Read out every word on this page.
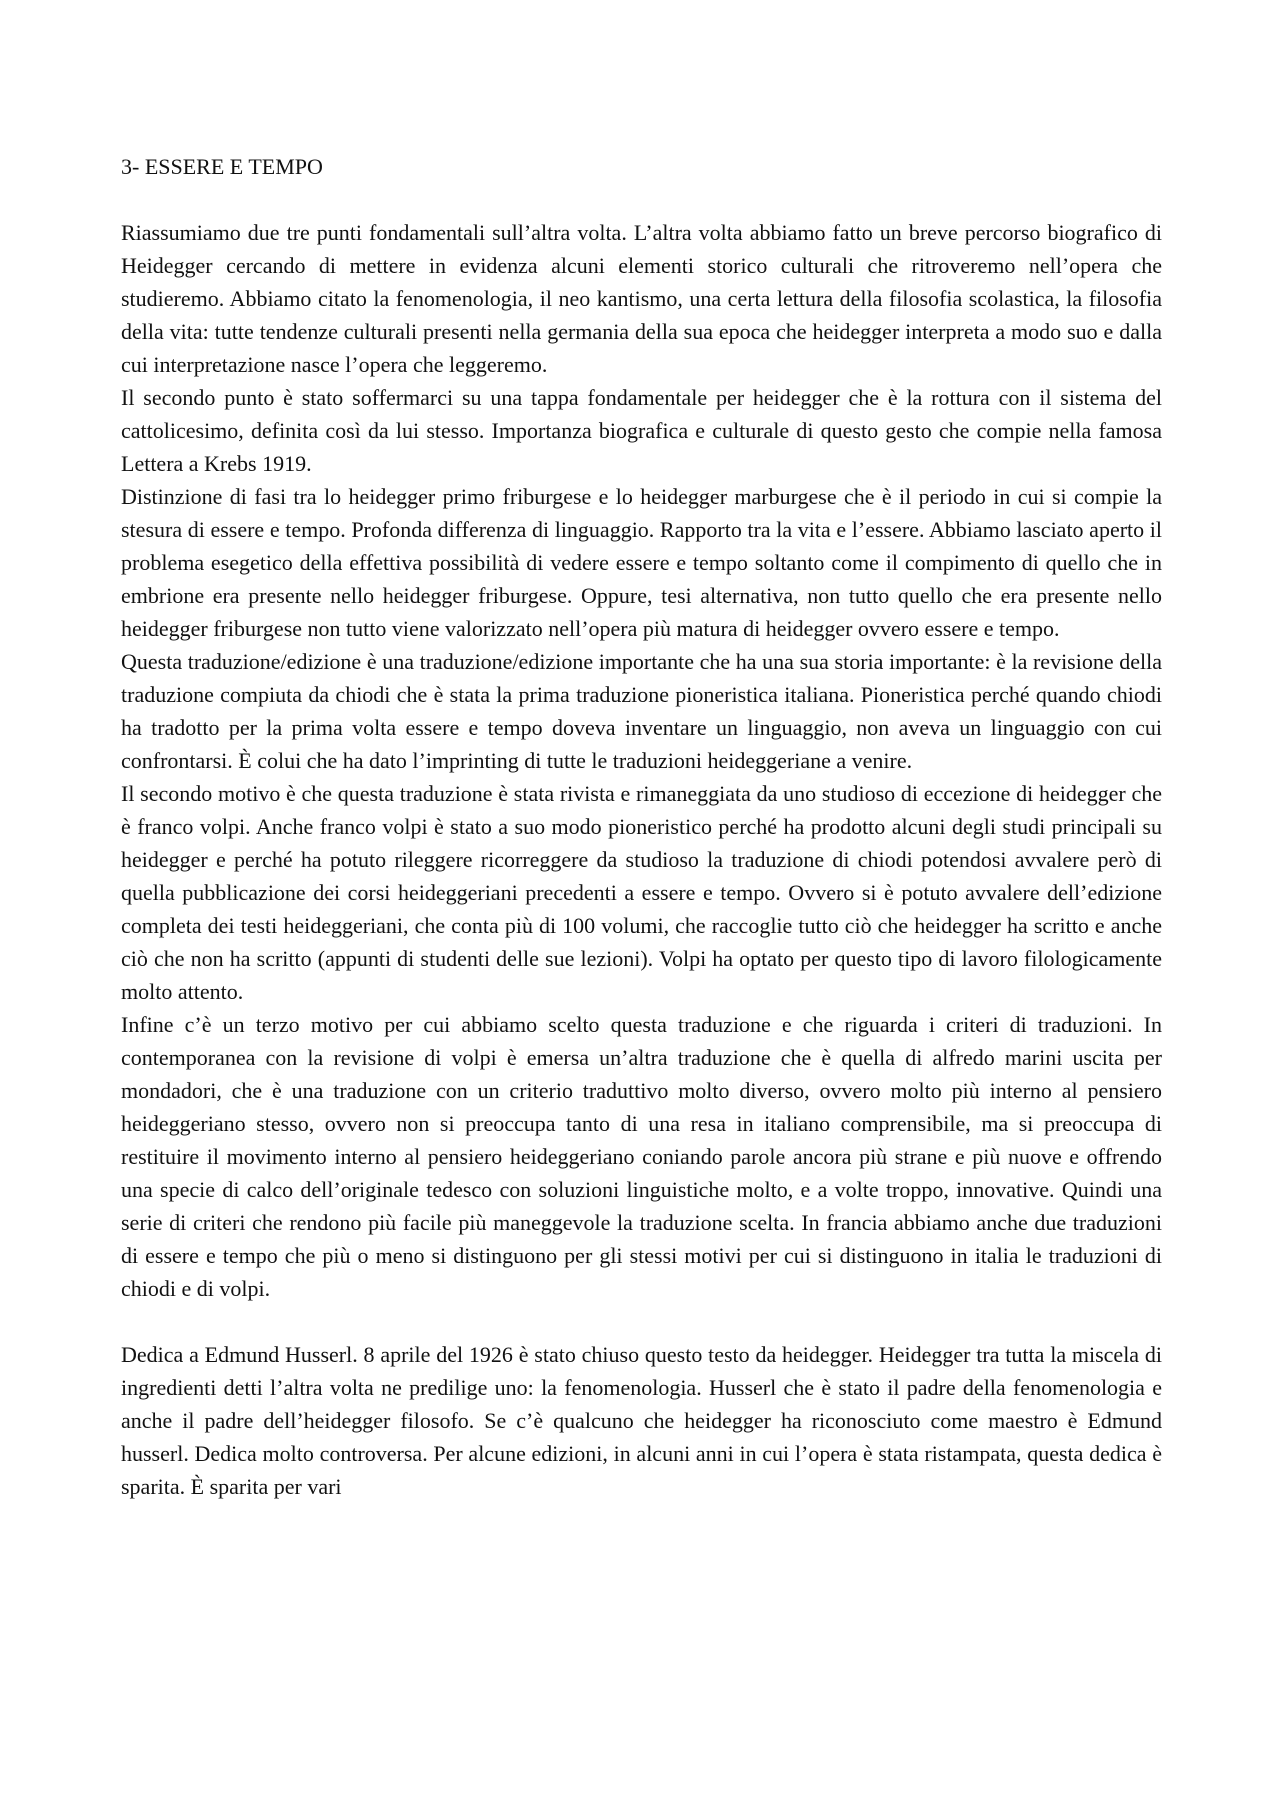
3- ESSERE E TEMPO

Riassumiamo due tre punti fondamentali sull’altra volta. L’altra volta abbiamo fatto un breve percorso biografico di Heidegger cercando di mettere in evidenza alcuni elementi storico culturali che ritroveremo nell’opera che studieremo. Abbiamo citato la fenomenologia, il neo kantismo, una certa lettura della filosofia scolastica, la filosofia della vita: tutte tendenze culturali presenti nella germania della sua epoca che heidegger interpreta a modo suo e dalla cui interpretazione nasce l’opera che leggeremo.

Il secondo punto è stato soffermarci su una tappa fondamentale per heidegger che è la rottura con il sistema del cattolicesimo, definita così da lui stesso. Importanza biografica e culturale di questo gesto che compie nella famosa Lettera a Krebs 1919.

Distinzione di fasi tra lo heidegger primo friburgese e lo heidegger marburgese che è il periodo in cui si compie la stesura di essere e tempo. Profonda differenza di linguaggio. Rapporto tra la vita e l’essere. Abbiamo lasciato aperto il problema esegetico della effettiva possibilità di vedere essere e tempo soltanto come il compimento di quello che in embrione era presente nello heidegger friburgese. Oppure, tesi alternativa, non tutto quello che era presente nello heidegger friburgese non tutto viene valorizzato nell’opera più matura di heidegger ovvero essere e tempo.

Questa traduzione/edizione è una traduzione/edizione importante che ha una sua storia importante: è la revisione della traduzione compiuta da chiodi che è stata la prima traduzione pioneristica italiana. Pioneristica perché quando chiodi ha tradotto per la prima volta essere e tempo doveva inventare un linguaggio, non aveva un linguaggio con cui confrontarsi. È colui che ha dato l’imprinting di tutte le traduzioni heideggeriane a venire.

Il secondo motivo è che questa traduzione è stata rivista e rimaneggiata da uno studioso di eccezione di heidegger che è franco volpi. Anche franco volpi è stato a suo modo pioneristico perché ha prodotto alcuni degli studi principali su heidegger e perché ha potuto rileggere ricorreggere da studioso la traduzione di chiodi potendosi avvalere però di quella pubblicazione dei corsi heideggeriani precedenti a essere e tempo. Ovvero si è potuto avvalere dell’edizione completa dei testi heideggeriani, che conta più di 100 volumi, che raccoglie tutto ciò che heidegger ha scritto e anche ciò che non ha scritto (appunti di studenti delle sue lezioni). Volpi ha optato per questo tipo di lavoro filologicamente molto attento.

Infine c’è un terzo motivo per cui abbiamo scelto questa traduzione e che riguarda i criteri di traduzioni. In contemporanea con la revisione di volpi è emersa un’altra traduzione che è quella di alfredo marini uscita per mondadori, che è una traduzione con un criterio traduttivo molto diverso, ovvero molto più interno al pensiero heideggeriano stesso, ovvero non si preoccupa tanto di una resa in italiano comprensibile, ma si preoccupa di restituire il movimento interno al pensiero heideggeriano coniando parole ancora più strane e più nuove e offrendo una specie di calco dell’originale tedesco con soluzioni linguistiche molto, e a volte troppo, innovative. Quindi una serie di criteri che rendono più facile più maneggevole la traduzione scelta. In francia abbiamo anche due traduzioni di essere e tempo che più o meno si distinguono per gli stessi motivi per cui si distinguono in italia le traduzioni di chiodi e di volpi.

Dedica a Edmund Husserl. 8 aprile del 1926 è stato chiuso questo testo da heidegger. Heidegger tra tutta la miscela di ingredienti detti l’altra volta ne predilige uno: la fenomenologia. Husserl che è stato il padre della fenomenologia e anche il padre dell’heidegger filosofo. Se c’è qualcuno che heidegger ha riconosciuto come maestro è Edmund husserl. Dedica molto controversa. Per alcune edizioni, in alcuni anni in cui l’opera è stata ristampata, questa dedica è sparita. È sparita per vari
